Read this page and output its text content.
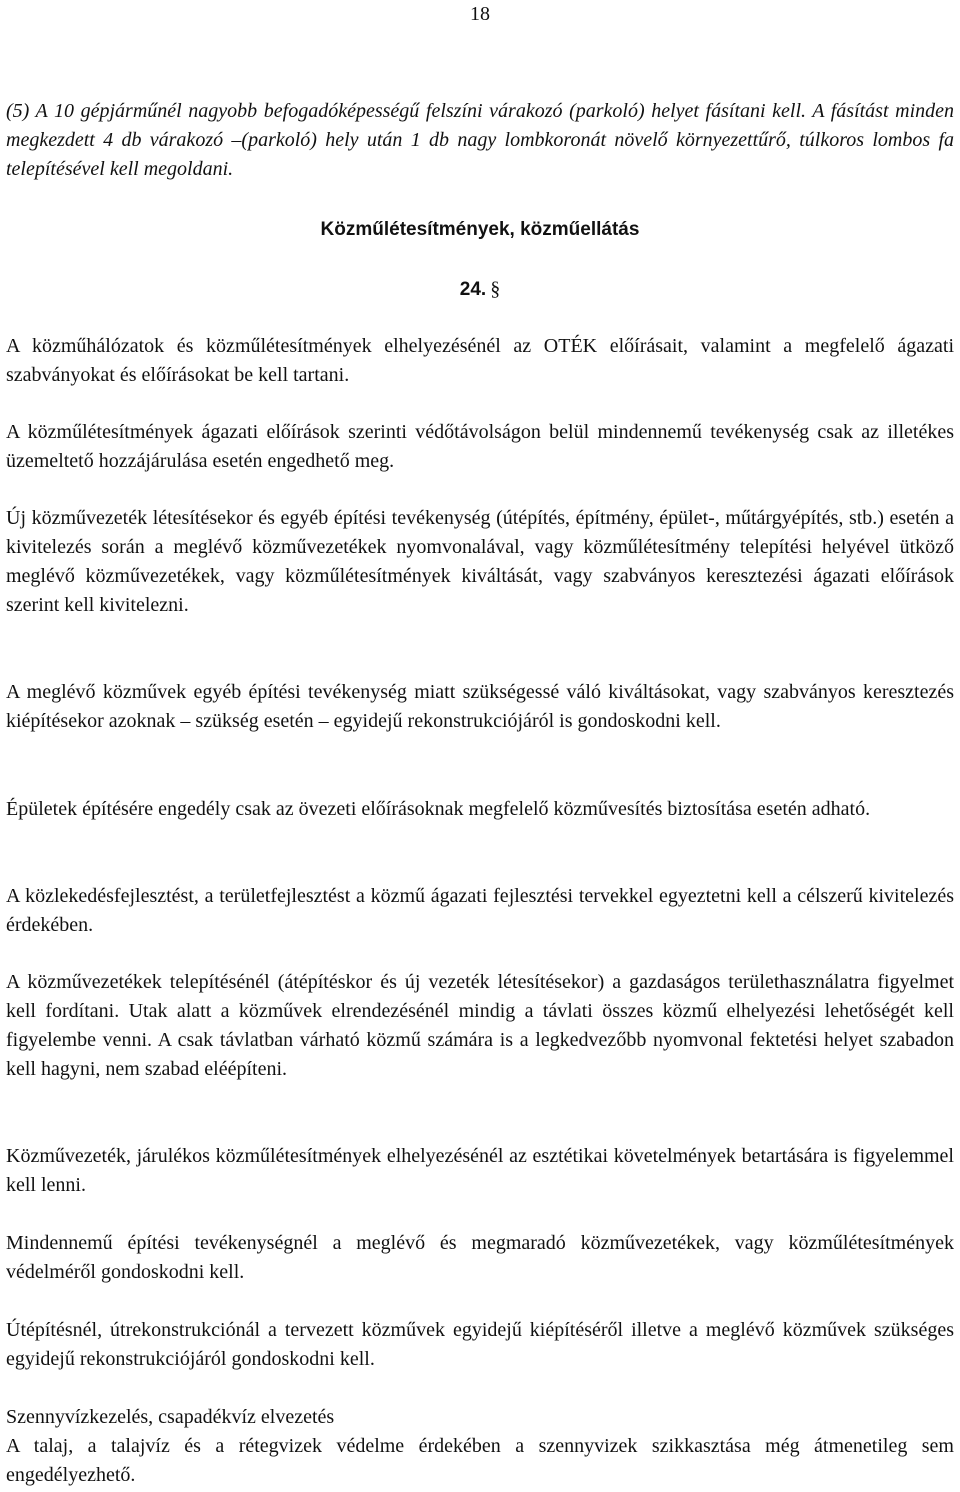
18

(5) A 10 gépjárműnél nagyobb befogadóképességű felszíni várakozó (parkoló) helyet fásítani kell. A fásítást minden megkezdett 4 db várakozó –(parkoló) hely után 1 db nagy lombkoronát növelő környezettűrő, túlkoros lombos fa telepítésével kell megoldani.

Közműlétesítmények, közműellátás
24. §

A közműhálózatok és közműlétesítmények elhelyezésénél az OTÉK előírásait, valamint a megfelelő ágazati szabványokat és előírásokat be kell tartani.

A közműlétesítmények ágazati előírások szerinti védőtávolságon belül mindennemű tevékenység csak az illetékes üzemeltető hozzájárulása esetén engedhető meg.

Új közművezeték létesítésekor és egyéb építési tevékenység (útépítés, építmény, épület-, műtárgyépítés, stb.) esetén a kivitelezés során a meglévő közművezetékek nyomvonalával, vagy közműlétesítmény telepítési helyével ütköző meglévő közművezetékek, vagy közműlétesítmények kiváltását, vagy szabványos keresztezési ágazati előírások szerint kell kivitelezni.

A meglévő közművek egyéb építési tevékenység miatt szükségessé váló kiváltásokat, vagy szabványos keresztezés kiépítésekor azoknak – szükség esetén – egyidejű rekonstrukciójáról is gondoskodni kell.

Épületek építésére engedély csak az övezeti előírásoknak megfelelő közművesítés biztosítása esetén adható.

A közlekedésfejlesztést, a területfejlesztést a közmű ágazati fejlesztési tervekkel egyeztetni kell a célszerű kivitelezés érdekében.

A közművezetékek telepítésénél (átépítéskor és új vezeték létesítésekor) a gazdaságos területhasználatra figyelmet kell fordítani. Utak alatt a közművek elrendezésénél mindig a távlati összes közmű elhelyezési lehetőségét kell figyelembe venni. A csak távlatban várható közmű számára is a legkedvezőbb nyomvonal fektetési helyet szabadon kell hagyni, nem szabad eléépíteni.

Közművezeték, járulékos közműlétesítmények elhelyezésénél az esztétikai követelmények betartására is figyelemmel kell lenni.

Mindennemű építési tevékenységnél a meglévő és megmaradó közművezetékek, vagy közműlétesítmények védelméről gondoskodni kell.

Útépítésnél, útrekonstrukciónál a tervezett közművek egyidejű kiépítéséről illetve a meglévő közművek szükséges egyidejű rekonstrukciójáról gondoskodni kell.

Szennyvízkezelés, csapadékvíz elvezetés

A talaj, a talajvíz és a rétegvizek védelme érdekében a szennyvizek szikkasztása még átmenetileg sem engedélyezhető.
